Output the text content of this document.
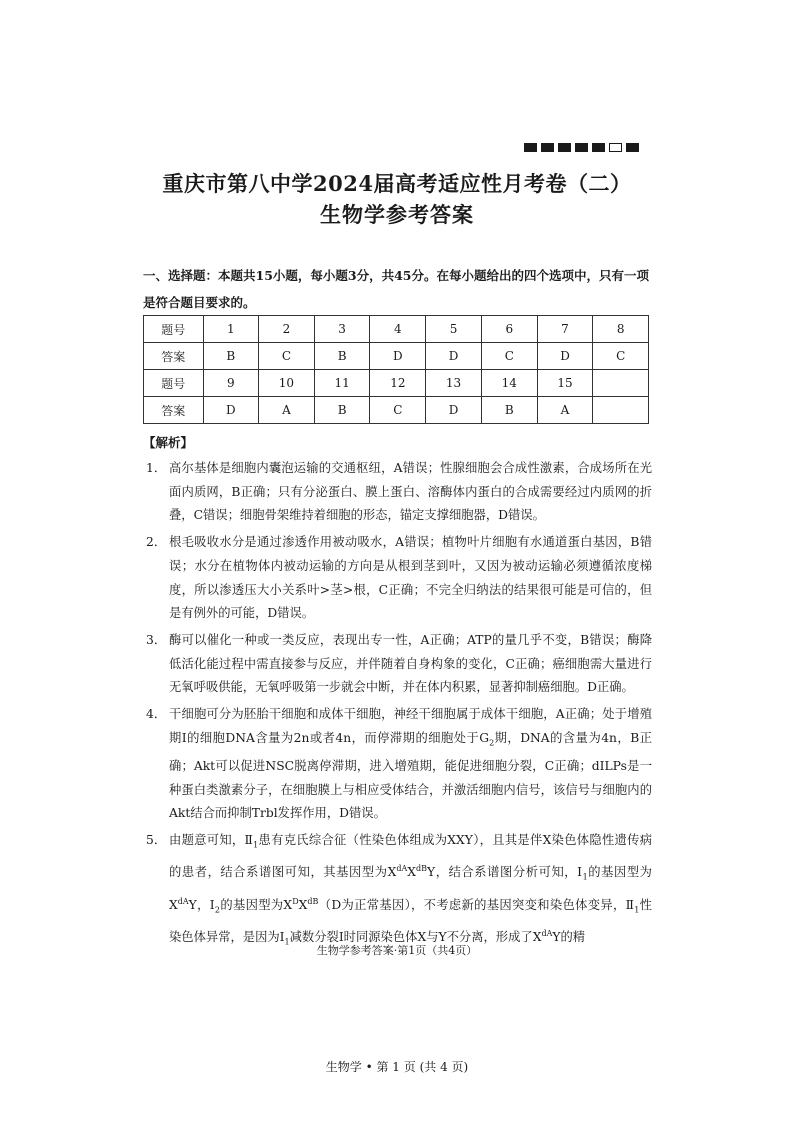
重庆市第八中学2024届高考适应性月考卷（二）
生物学参考答案
一、选择题：本题共15小题，每小题3分，共45分。在每小题给出的四个选项中，只有一项是符合题目要求的。
题号	1	2	3	4	5	6	7	8
答案	B	C	B	D	D	C	D	C
题号	9	10	11	12	13	14	15	
答案	D	A	B	C	D	B	A	
【解析】
1． 高尔基体是细胞内囊泡运输的交通枢纽，A错误；性腺细胞会合成性激素，合成场所在光面内质网，B正确；只有分泌蛋白、膜上蛋白、溶酶体内蛋白的合成需要经过内质网的折叠，C错误；细胞骨架维持着细胞的形态，锚定支撑细胞器，D错误。
2． 根毛吸收水分是通过渗透作用被动吸水，A错误；植物叶片细胞有水通道蛋白基因，B错误；水分在植物体内被动运输的方向是从根到茎到叶，又因为被动运输必须遵循浓度梯度，所以渗透压大小关系叶>茎>根，C正确；不完全归纳法的结果很可能是可信的，但是有例外的可能，D错误。
3． 酶可以催化一种或一类反应，表现出专一性，A正确；ATP的量几乎不变，B错误；酶降低活化能过程中需直接参与反应，并伴随着自身构象的变化，C正确；癌细胞需大量进行无氧呼吸供能，无氧呼吸第一步就会中断，并在体内积累，显著抑制癌细胞。D正确。
4． 干细胞可分为胚胎干细胞和成体干细胞，神经干细胞属于成体干细胞，A正确；处于增殖期Ⅰ的细胞DNA含量为2n或者4n，而停滞期的细胞处于$G_2$期，DNA的含量为4n，B正确；Akt可以促进NSC脱离停滞期，进入增殖期，能促进细胞分裂，C正确；dILPs是一种蛋白类激素分子，在细胞膜上与相应受体结合，并激活细胞内信号，该信号与细胞内的Akt结合而抑制Trbl发挥作用，D错误。
5． 由题意可知，$Ⅱ_1$患有克氏综合征（性染色体组成为XXY），且其是伴X染色体隐性遗传病的患者，结合系谱图可知，其基因型为$X^{dA}X^{dB}Y$，结合系谱图分析可知，$Ⅰ_1$的基因型为$X^{dA}Y$，$Ⅰ_2$的基因型为$X^DX^{dB}(D$为正常基因），不考虑新的基因突变和染色体变异，$Ⅱ_1$性染色体异常，是因为$Ⅰ_1$减数分裂Ⅰ时同源染色体X与Y不分离，形成了$X^{dA}Y$的精
生物学参考答案·第1页（共4页）
生物学 • 第 1 页 (共 4 页)
